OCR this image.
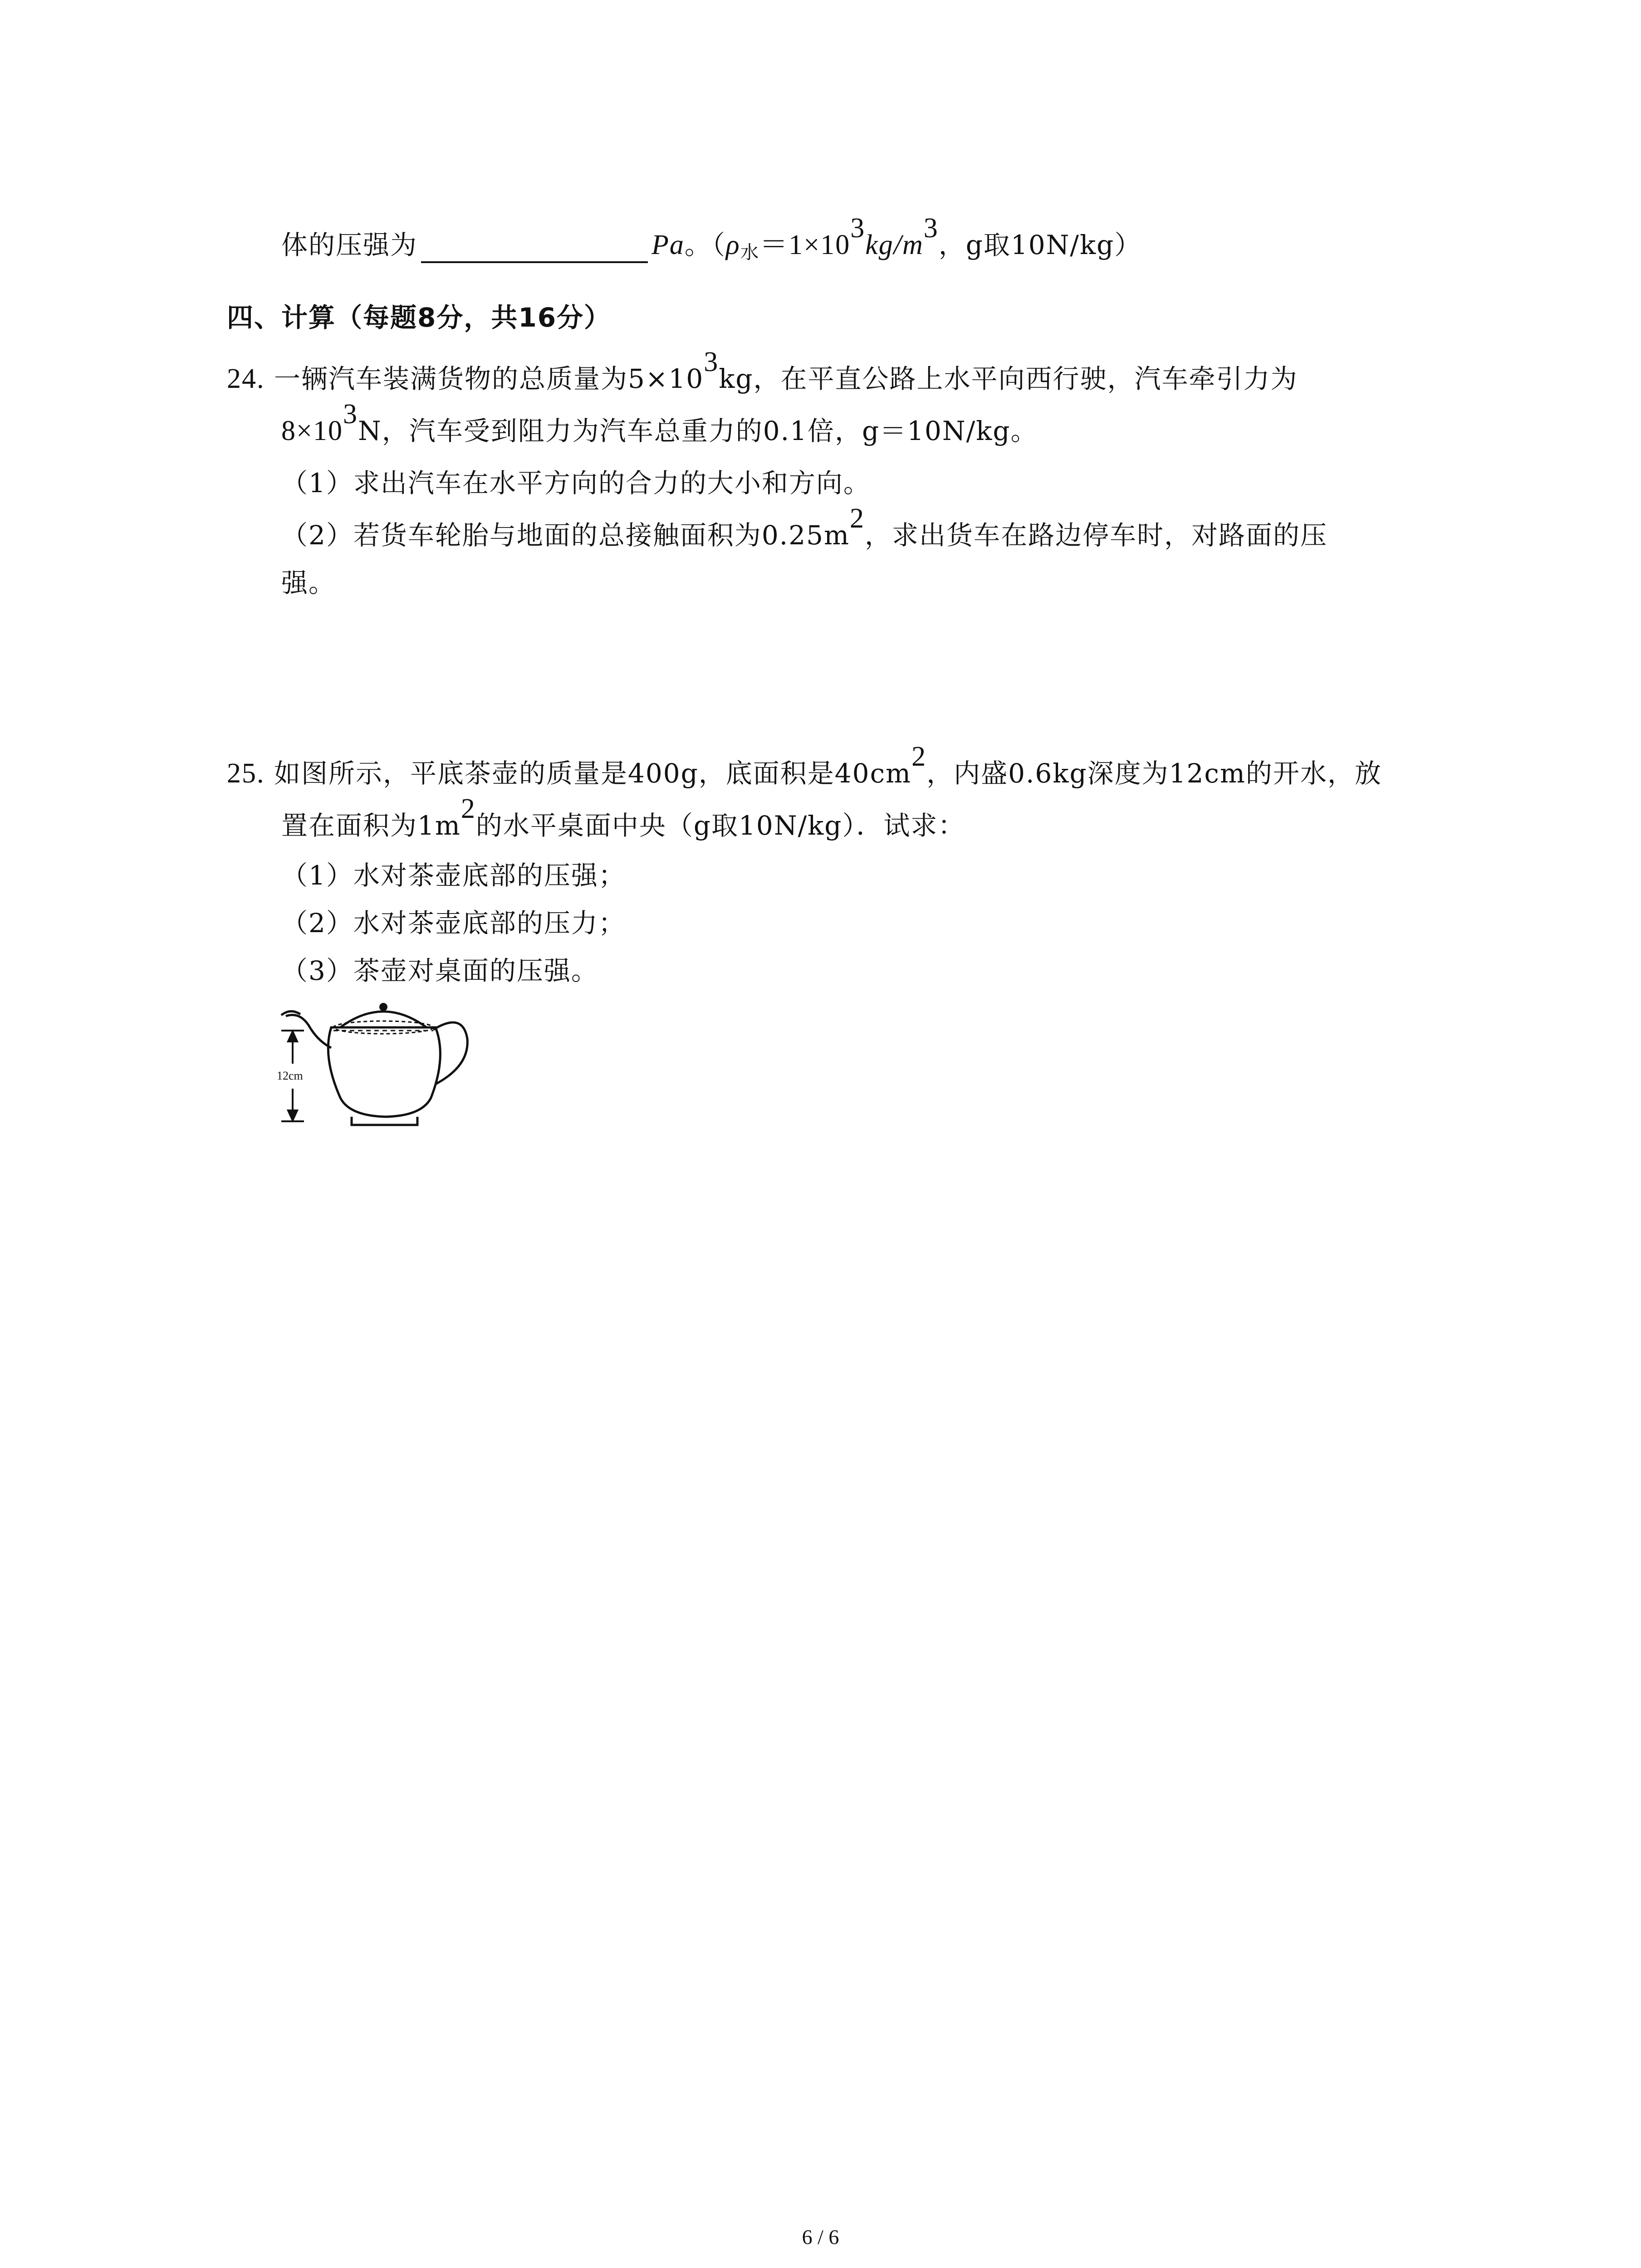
体的压强为	Pa。（$\rho_水=1\times 10^3kg/m^3$，g取10N/kg）
四、计算（每题8分，共16分）
24. 一辆汽车装满货物的总质量为$5\times 10^3kg$，在平直公路上水平向西行驶，汽车牵引力为
$8\times 10^3N$，汽车受到阻力为汽车总重力的0.1倍，g＝10N/kg。
（1）求出汽车在水平方向的合力的大小和方向。
（2）若货车轮胎与地面的总接触面积为$0.25m^2$，求出货车在路边停车时，对路面的压
强。
25. 如图所示，平底茶壶的质量是400g，底面积是$40cm^2$，内盛0.6kg深度为12cm的开水，放
置在面积为$1m^2$的水平桌面中央（g取10N/kg）．试求：
（1）水对茶壶底部的压强；
（2）水对茶壶底部的压力；
（3）茶壶对桌面的压强。
12cm
6 / 6
